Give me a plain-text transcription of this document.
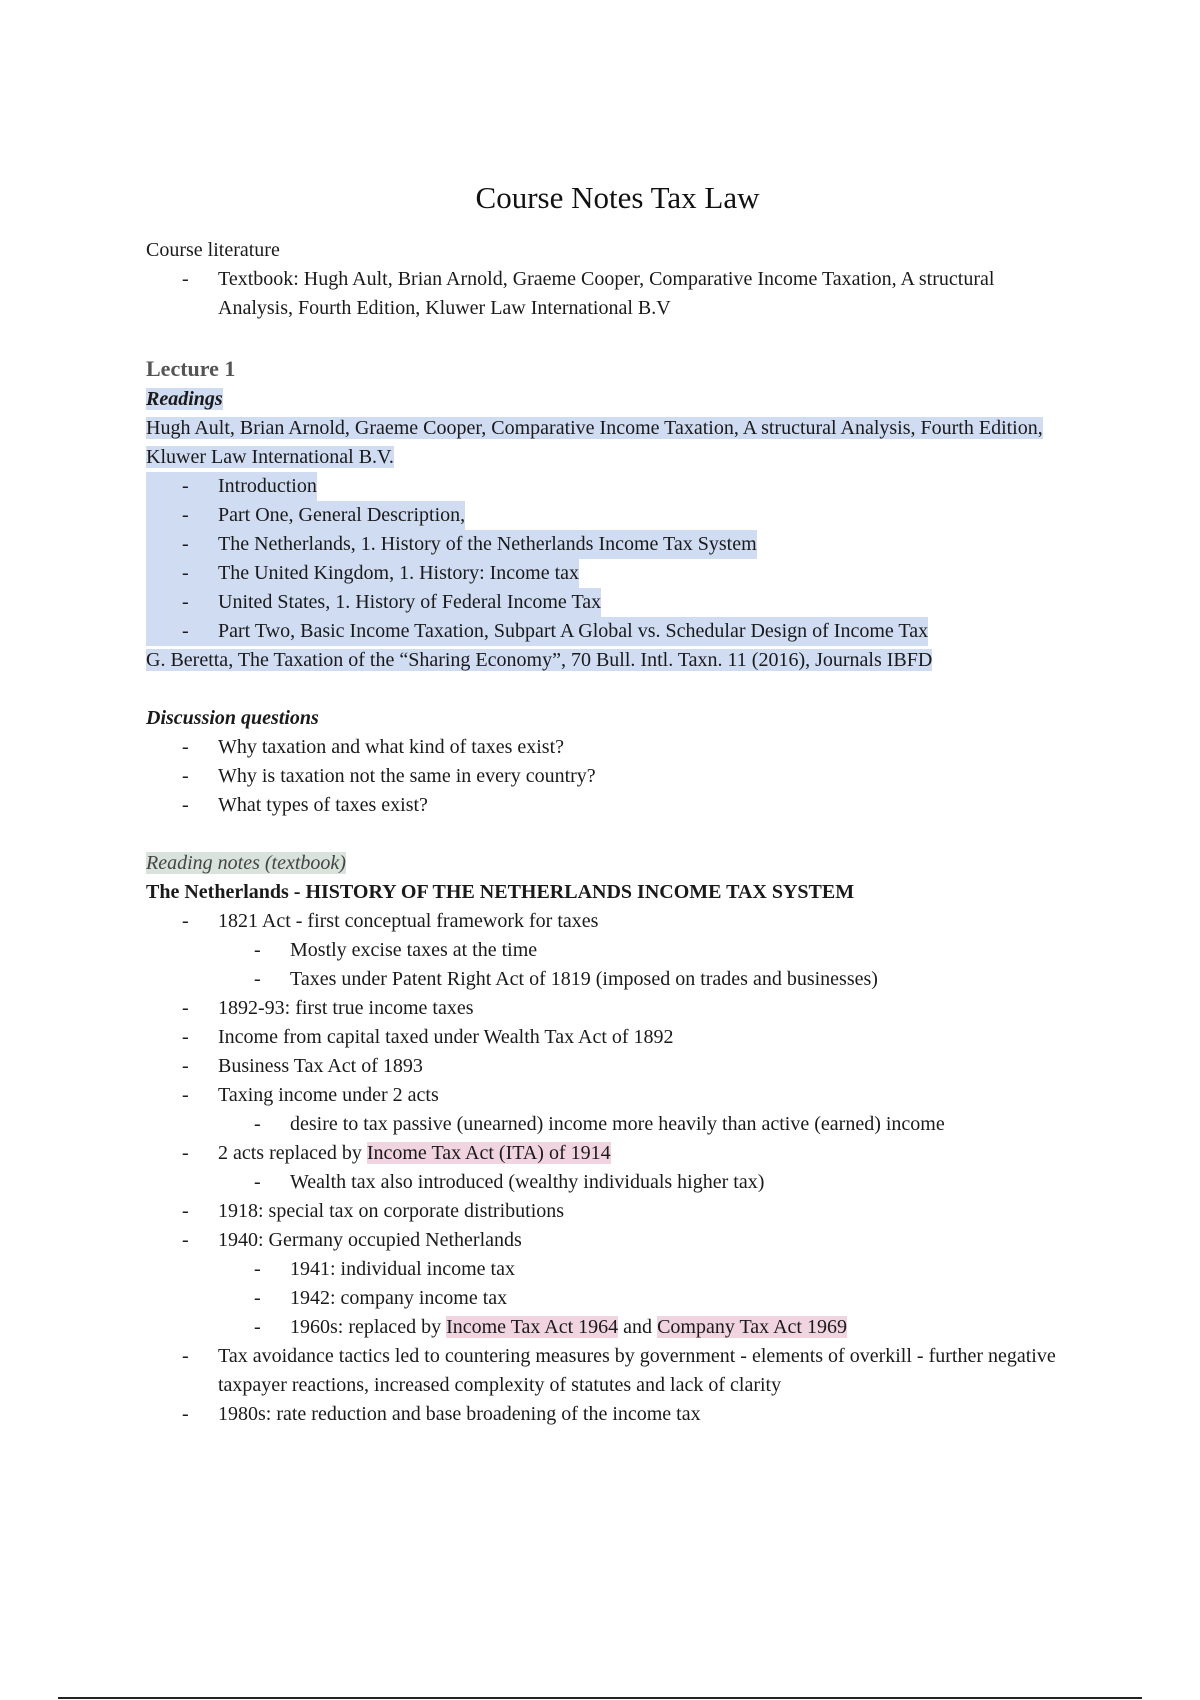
Course Notes Tax Law
Course literature
-	Textbook: Hugh Ault, Brian Arnold, Graeme Cooper, Comparative Income Taxation, A structural Analysis, Fourth Edition, Kluwer Law International B.V
Lecture 1
Readings
Hugh Ault, Brian Arnold, Graeme Cooper, Comparative Income Taxation, A structural Analysis, Fourth Edition, Kluwer Law International B.V.
-	Introduction
-	Part One, General Description,
-	The Netherlands, 1. History of the Netherlands Income Tax System
-	The United Kingdom, 1. History: Income tax
-	United States, 1. History of Federal Income Tax
-	Part Two, Basic Income Taxation, Subpart A Global vs. Schedular Design of Income Tax
G. Beretta, The Taxation of the “Sharing Economy”, 70 Bull. Intl. Taxn. 11 (2016), Journals IBFD
Discussion questions
-	Why taxation and what kind of taxes exist?
-	Why is taxation not the same in every country?
-	What types of taxes exist?
Reading notes (textbook)
The Netherlands - HISTORY OF THE NETHERLANDS INCOME TAX SYSTEM
-	1821 Act - first conceptual framework for taxes
-	Mostly excise taxes at the time
-	Taxes under Patent Right Act of 1819 (imposed on trades and businesses)
-	1892-93: first true income taxes
-	Income from capital taxed under Wealth Tax Act of 1892
-	Business Tax Act of 1893
-	Taxing income under 2 acts
-	desire to tax passive (unearned) income more heavily than active (earned) income
-	2 acts replaced by Income Tax Act (ITA) of 1914
-	Wealth tax also introduced (wealthy individuals higher tax)
-	1918: special tax on corporate distributions
-	1940: Germany occupied Netherlands
-	1941: individual income tax
-	1942: company income tax
-	1960s: replaced by Income Tax Act 1964 and Company Tax Act 1969
-	Tax avoidance tactics led to countering measures by government - elements of overkill - further negative taxpayer reactions, increased complexity of statutes and lack of clarity
-	1980s: rate reduction and base broadening of the income tax
